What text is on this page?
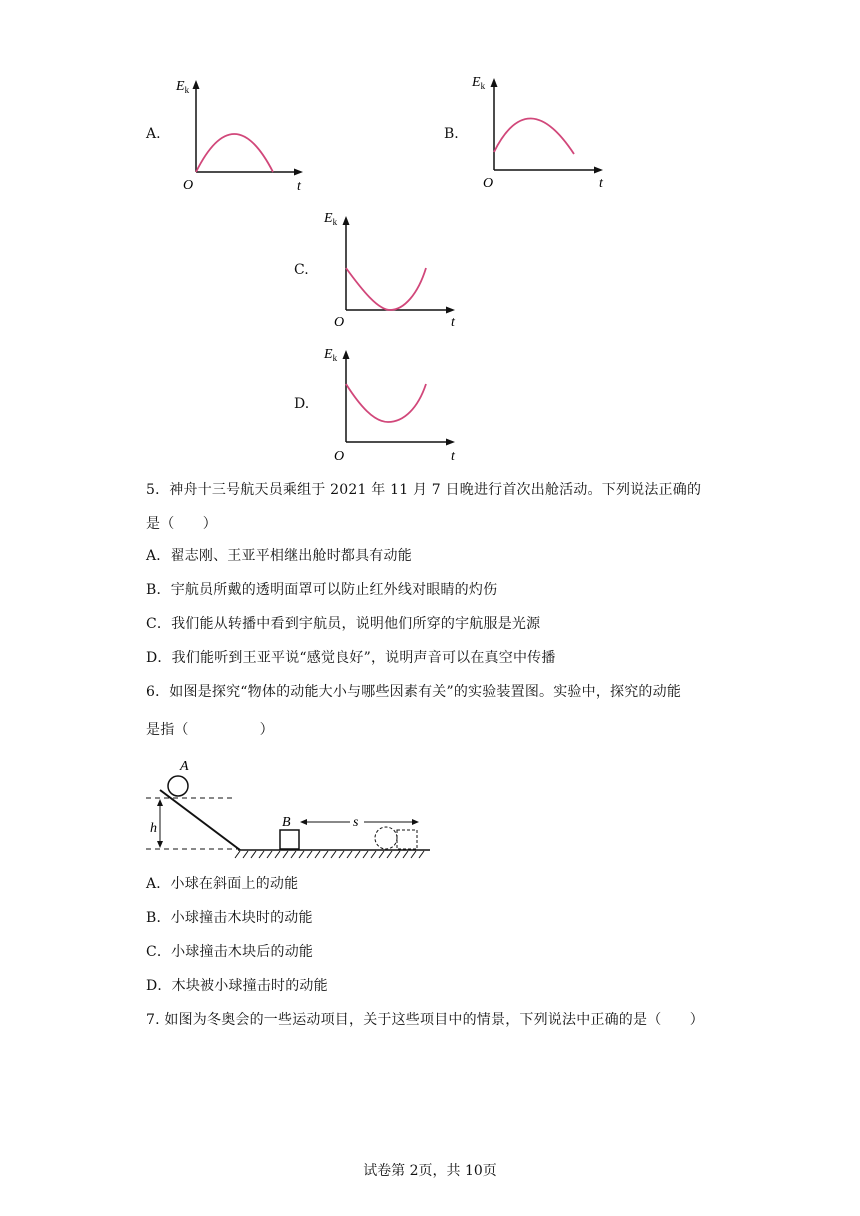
A.
$E_k$
t
O
B.
$E_k$
t
O
C.
$E_k$
t
O
D.
$E_k$
t
O
5．神舟十三号航天员乘组于 2021 年 11 月 7 日晚进行首次出舱活动。下列说法正确的
是（　　）
A．翟志刚、王亚平相继出舱时都具有动能
B．宇航员所戴的透明面罩可以防止红外线对眼睛的灼伤
C．我们能从转播中看到宇航员，说明他们所穿的宇航服是光源
D．我们能听到王亚平说“感觉良好”，说明声音可以在真空中传播
6．如图是探究“物体的动能大小与哪些因素有关”的实验装置图。实验中，探究的动能
是指（　　　　　）
A
h	B	s
A．小球在斜面上的动能
B．小球撞击木块时的动能
C．小球撞击木块后的动能
D．木块被小球撞击时的动能
7. 如图为冬奥会的一些运动项目，关于这些项目中的情景，下列说法中正确的是（　　）
试卷第 2页，共 10页
